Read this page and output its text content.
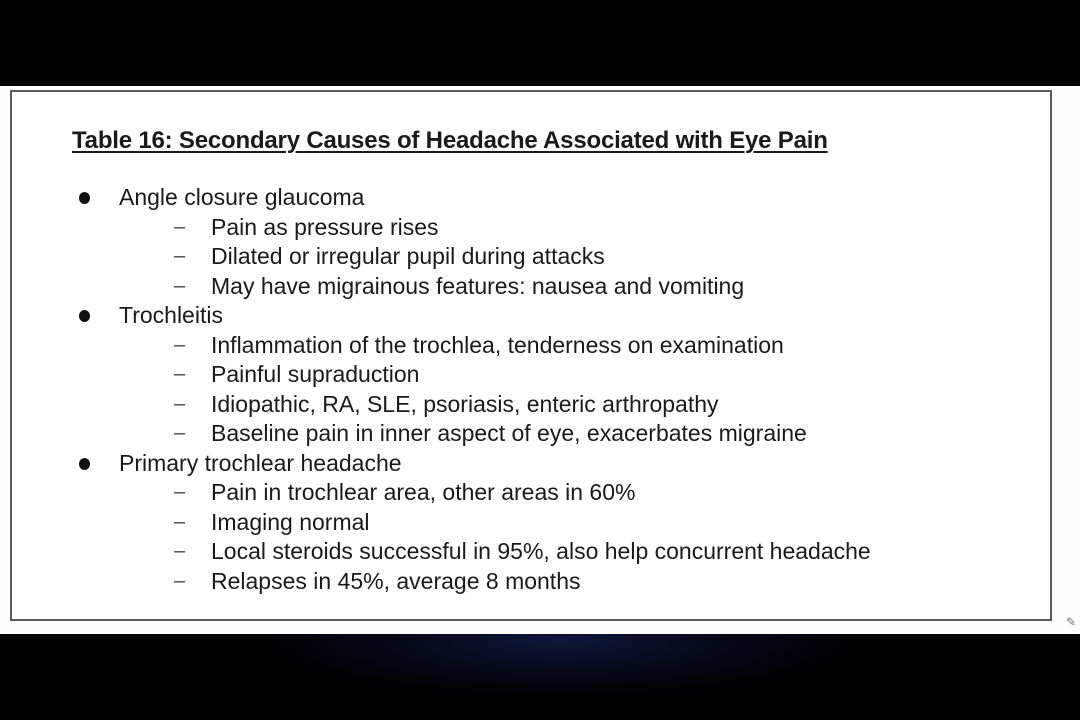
Table 16: Secondary Causes of Headache Associated with Eye Pain
Angle closure glaucoma
– Pain as pressure rises
– Dilated or irregular pupil during attacks
– May have migrainous features: nausea and vomiting
Trochleitis
– Inflammation of the trochlea, tenderness on examination
– Painful supraduction
– Idiopathic, RA, SLE, psoriasis, enteric arthropathy
– Baseline pain in inner aspect of eye, exacerbates migraine
Primary trochlear headache
– Pain in trochlear area, other areas in 60%
– Imaging normal
– Local steroids successful in 95%, also help concurrent headache
– Relapses in 45%, average 8 months
✎
